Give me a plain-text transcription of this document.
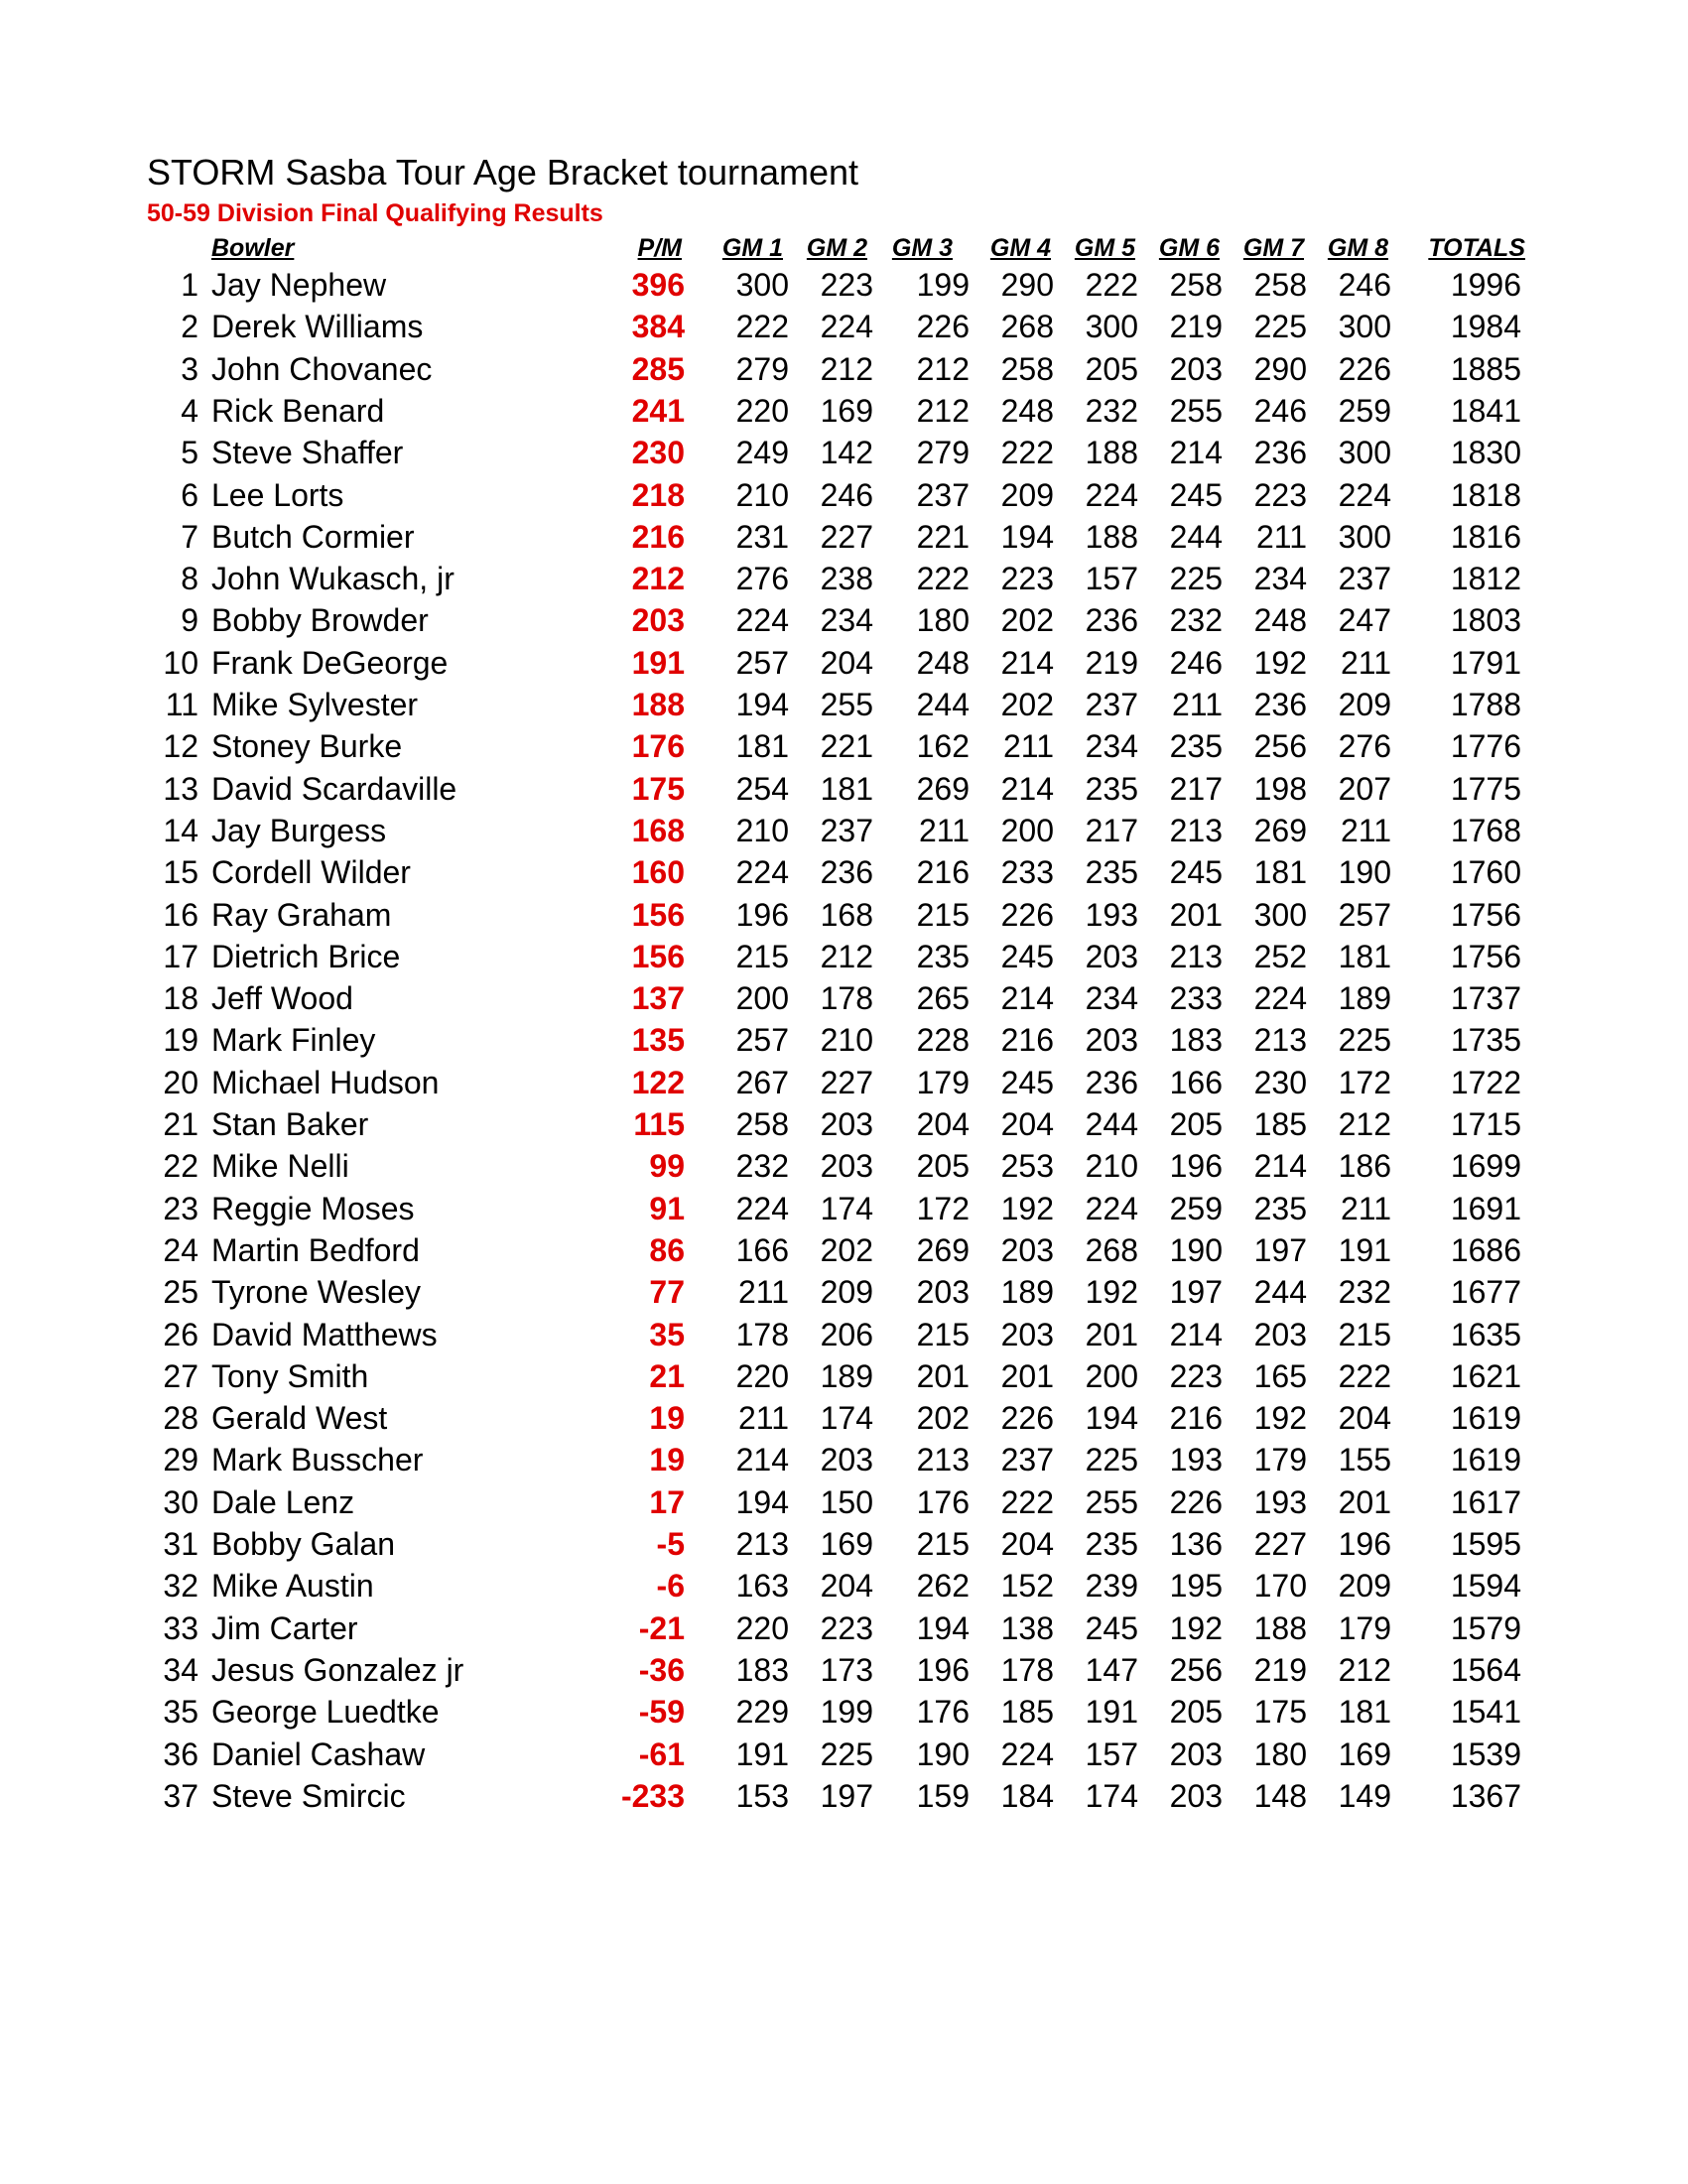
STORM Sasba Tour Age Bracket tournament
50-59 Division Final Qualifying Results
Bowler	P/M GM 1 GM 2 GM 3 GM 4 GM 5 GM 6 GM 7 GM 8 TOTALS
1 Jay Nephew	396 300 223 199 290 222 258 258 246 1996
2 Derek Williams	384 222 224 226 268 300 219 225 300 1984
3 John Chovanec	285 279 212 212 258 205 203 290 226 1885
4 Rick Benard	241 220 169 212 248 232 255 246 259 1841
5 Steve Shaffer	230 249 142 279 222 188 214 236 300 1830
6 Lee Lorts	218 210 246 237 209 224 245 223 224 1818
7 Butch Cormier	216 231 227 221 194 188 244 211 300 1816
8 John Wukasch, jr	212 276 238 222 223 157 225 234 237 1812
9 Bobby Browder	203 224 234 180 202 236 232 248 247 1803
10 Frank DeGeorge	191 257 204 248 214 219 246 192 211 1791
11 Mike Sylvester	188 194 255 244 202 237 211 236 209 1788
12 Stoney Burke	176 181 221 162 211 234 235 256 276 1776
13 David Scardaville	175 254 181 269 214 235 217 198 207 1775
14 Jay Burgess	168 210 237 211 200 217 213 269 211 1768
15 Cordell Wilder	160 224 236 216 233 235 245 181 190 1760
16 Ray Graham	156 196 168 215 226 193 201 300 257 1756
17 Dietrich Brice	156 215 212 235 245 203 213 252 181 1756
18 Jeff Wood	137 200 178 265 214 234 233 224 189 1737
19 Mark Finley	135 257 210 228 216 203 183 213 225 1735
20 Michael Hudson	122 267 227 179 245 236 166 230 172 1722
21 Stan Baker	115 258 203 204 204 244 205 185 212 1715
22 Mike Nelli	99 232 203 205 253 210 196 214 186 1699
23 Reggie Moses	91 224 174 172 192 224 259 235 211 1691
24 Martin Bedford	86 166 202 269 203 268 190 197 191 1686
25 Tyrone Wesley	77 211 209 203 189 192 197 244 232 1677
26 David Matthews	35 178 206 215 203 201 214 203 215 1635
27 Tony Smith	21 220 189 201 201 200 223 165 222 1621
28 Gerald West	19 211 174 202 226 194 216 192 204 1619
29 Mark Busscher	19 214 203 213 237 225 193 179 155 1619
30 Dale Lenz	17 194 150 176 222 255 226 193 201 1617
31 Bobby Galan	-5 213 169 215 204 235 136 227 196 1595
32 Mike Austin	-6 163 204 262 152 239 195 170 209 1594
33 Jim Carter	-21 220 223 194 138 245 192 188 179 1579
34 Jesus Gonzalez jr	-36 183 173 196 178 147 256 219 212 1564
35 George Luedtke	-59 229 199 176 185 191 205 175 181 1541
36 Daniel Cashaw	-61 191 225 190 224 157 203 180 169 1539
37 Steve Smircic	-233 153 197 159 184 174 203 148 149 1367
